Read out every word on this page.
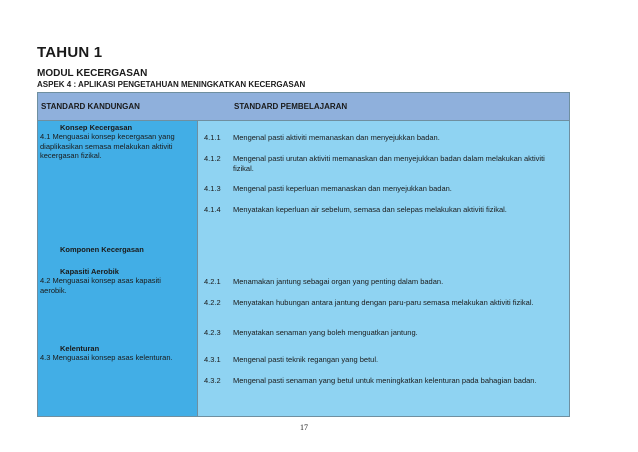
TAHUN 1
MODUL KECERGASAN
ASPEK 4 : APLIKASI PENGETAHUAN MENINGKATKAN KECERGASAN
STANDARD KANDUNGAN	STANDARD PEMBELAJARAN
Konsep Kecergasan
4.1 Menguasai konsep kecergasan yang diaplikasikan semasa melakukan aktiviti kecergasan fizikal.
4.1.1 Mengenal pasti aktiviti memanaskan dan menyejukkan badan.
4.1.2 Mengenal pasti urutan aktiviti memanaskan dan menyejukkan badan dalam melakukan aktiviti fizikal.
4.1.3 Mengenal pasti keperluan memanaskan dan menyejukkan badan.
4.1.4 Menyatakan keperluan air sebelum, semasa dan selepas melakukan aktiviti fizikal.
Komponen Kecergasan
Kapasiti Aerobik
4.2 Menguasai konsep asas kapasiti aerobik.
4.2.1 Menamakan jantung sebagai organ yang penting dalam badan.
4.2.2 Menyatakan hubungan antara jantung dengan paru-paru semasa melakukan aktiviti fizikal.
4.2.3 Menyatakan senaman yang boleh menguatkan jantung.
Kelenturan
4.3 Menguasai konsep asas kelenturan.	4.3.1 Mengenal pasti teknik regangan yang betul.
4.3.2 Mengenal pasti senaman yang betul untuk meningkatkan kelenturan pada bahagian badan.
17
